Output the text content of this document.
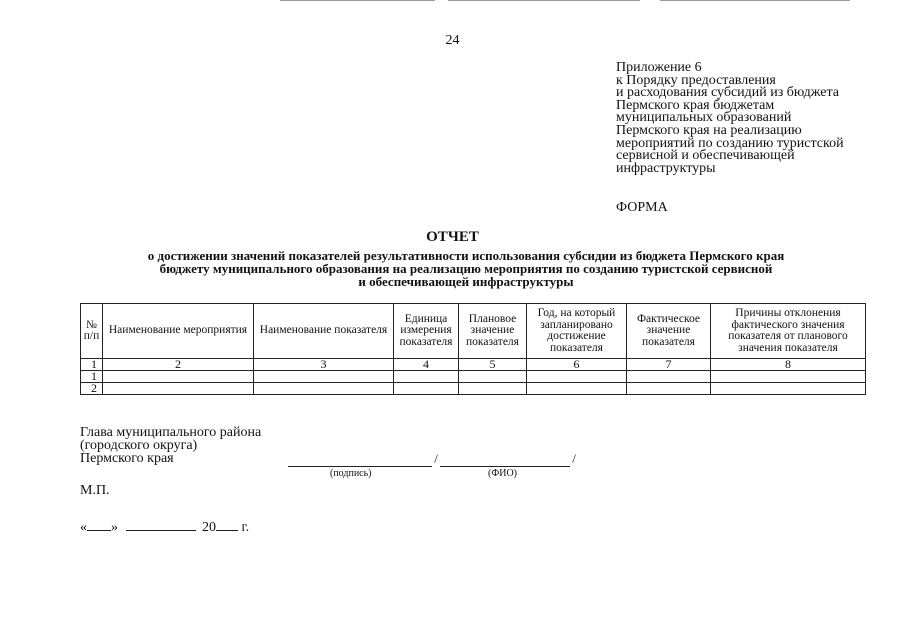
24
Приложение 6
к Порядку предоставления
и расходования субсидий из бюджета
Пермского края бюджетам
муниципальных образований
Пермского края на реализацию
мероприятий по созданию туристской
сервисной и обеспечивающей
инфраструктуры
ФОРМА
ОТЧЕТ
о достижении значений показателей результативности использования субсидии из бюджета Пермского края
бюджету муниципального образования на реализацию мероприятия по созданию туристской сервисной
и обеспечивающей инфраструктуры
№ п/п	Наименование мероприятия	Наименование показателя	Единица измерения показателя	Плановое значение показателя	Год, на который запланировано достижение показателя	Фактическое значение показателя	Причины отклонения фактического значения показателя от планового значения показателя
1	2	3	4	5	6	7	8
1							
2							
Глава муниципального района
(городского округа)
Пермского края	/	/
(подпись)	(ФИО)
М.П.
« »	20 г.
